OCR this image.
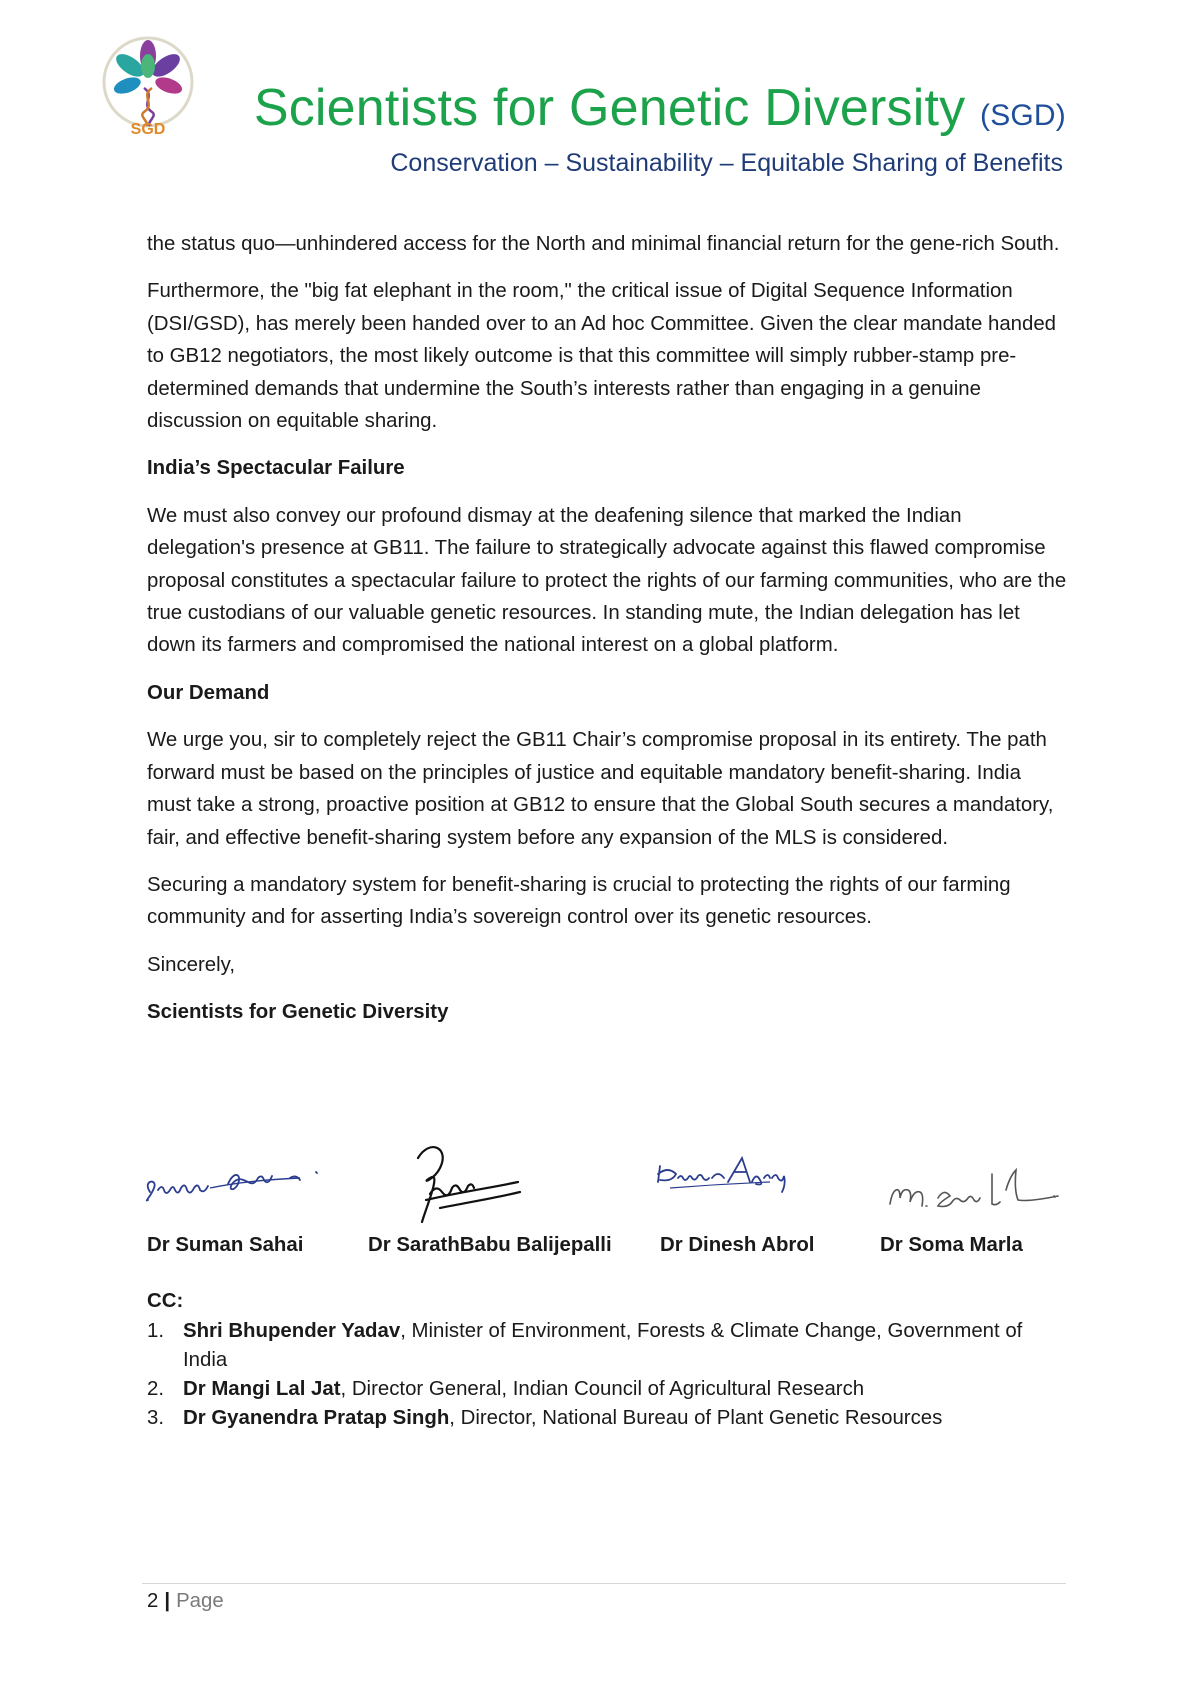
SGD Scientists for Genetic Diversity (SGD)

Conservation – Sustainability – Equitable Sharing of Benefits

the status quo—unhindered access for the North and minimal financial return for the gene-rich South.

Furthermore, the "big fat elephant in the room," the critical issue of Digital Sequence Information (DSI/GSD), has merely been handed over to an Ad hoc Committee. Given the clear mandate handed to GB12 negotiators, the most likely outcome is that this committee will simply rubber-stamp pre-determined demands that undermine the South’s interests rather than engaging in a genuine discussion on equitable sharing.

India’s Spectacular Failure

We must also convey our profound dismay at the deafening silence that marked the Indian delegation's presence at GB11. The failure to strategically advocate against this flawed compromise proposal constitutes a spectacular failure to protect the rights of our farming communities, who are the true custodians of our valuable genetic resources. In standing mute, the Indian delegation has let down its farmers and compromised the national interest on a global platform.

Our Demand

We urge you, sir to completely reject the GB11 Chair’s compromise proposal in its entirety. The path forward must be based on the principles of justice and equitable mandatory benefit-sharing. India must take a strong, proactive position at GB12 to ensure that the Global South secures a mandatory, fair, and effective benefit-sharing system before any expansion of the MLS is considered.

Securing a mandatory system for benefit-sharing is crucial to protecting the rights of our farming community and for asserting India’s sovereign control over its genetic resources.

Sincerely,

Scientists for Genetic Diversity
Dr Suman Sahai	Dr SarathBabu Balijepalli Dr Dinesh Abrol	Dr Soma Marla
CC:
1. Shri Bhupender Yadav, Minister of Environment, Forests & Climate Change, Government of India
2. Dr Mangi Lal Jat, Director General, Indian Council of Agricultural Research
3. Dr Gyanendra Pratap Singh, Director, National Bureau of Plant Genetic Resources
2 | Page
